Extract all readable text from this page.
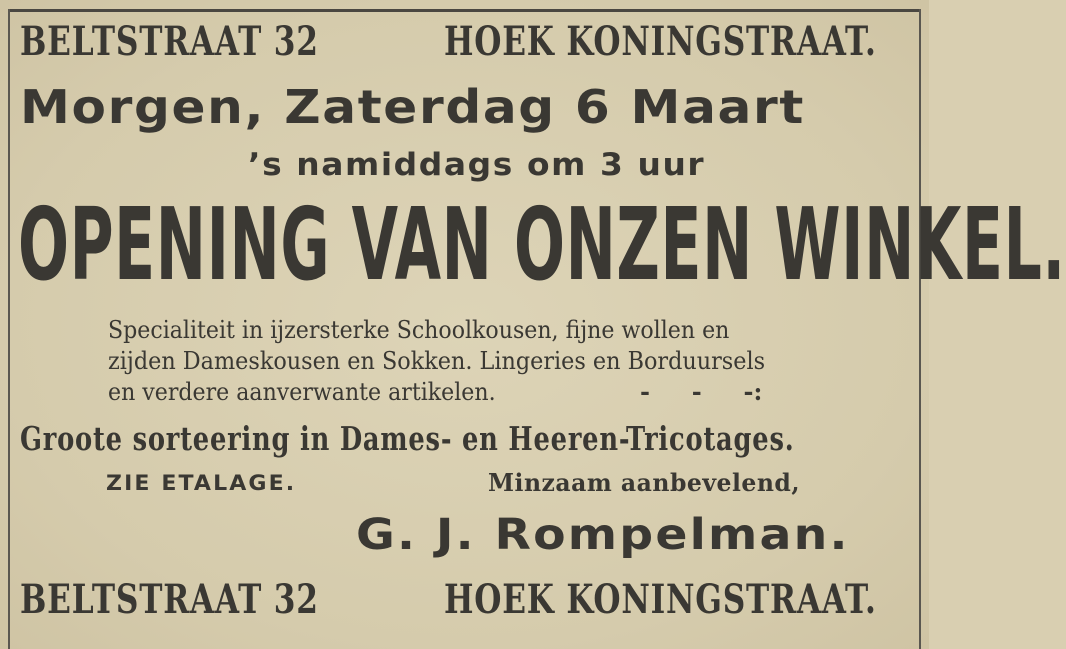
BELTSTRAAT 32	HOEK KONINGSTRAAT.
Morgen, Zaterdag 6 Maart
’s namiddags om 3 uur
OPENING VAN ONZEN WINKEL.
Specialiteit in ijzersterke Schoolkousen, fijne wollen en
zijden Dameskousen en Sokken. Lingeries en Borduursels
en verdere aanverwante artikelen.	-     -     -:
Groote sorteering in Dames- en Heeren-Tricotages.
ZIE ETALAGE.	Minzaam aanbevelend,
G. J. Rompelman.
BELTSTRAAT 32	HOEK KONINGSTRAAT.
